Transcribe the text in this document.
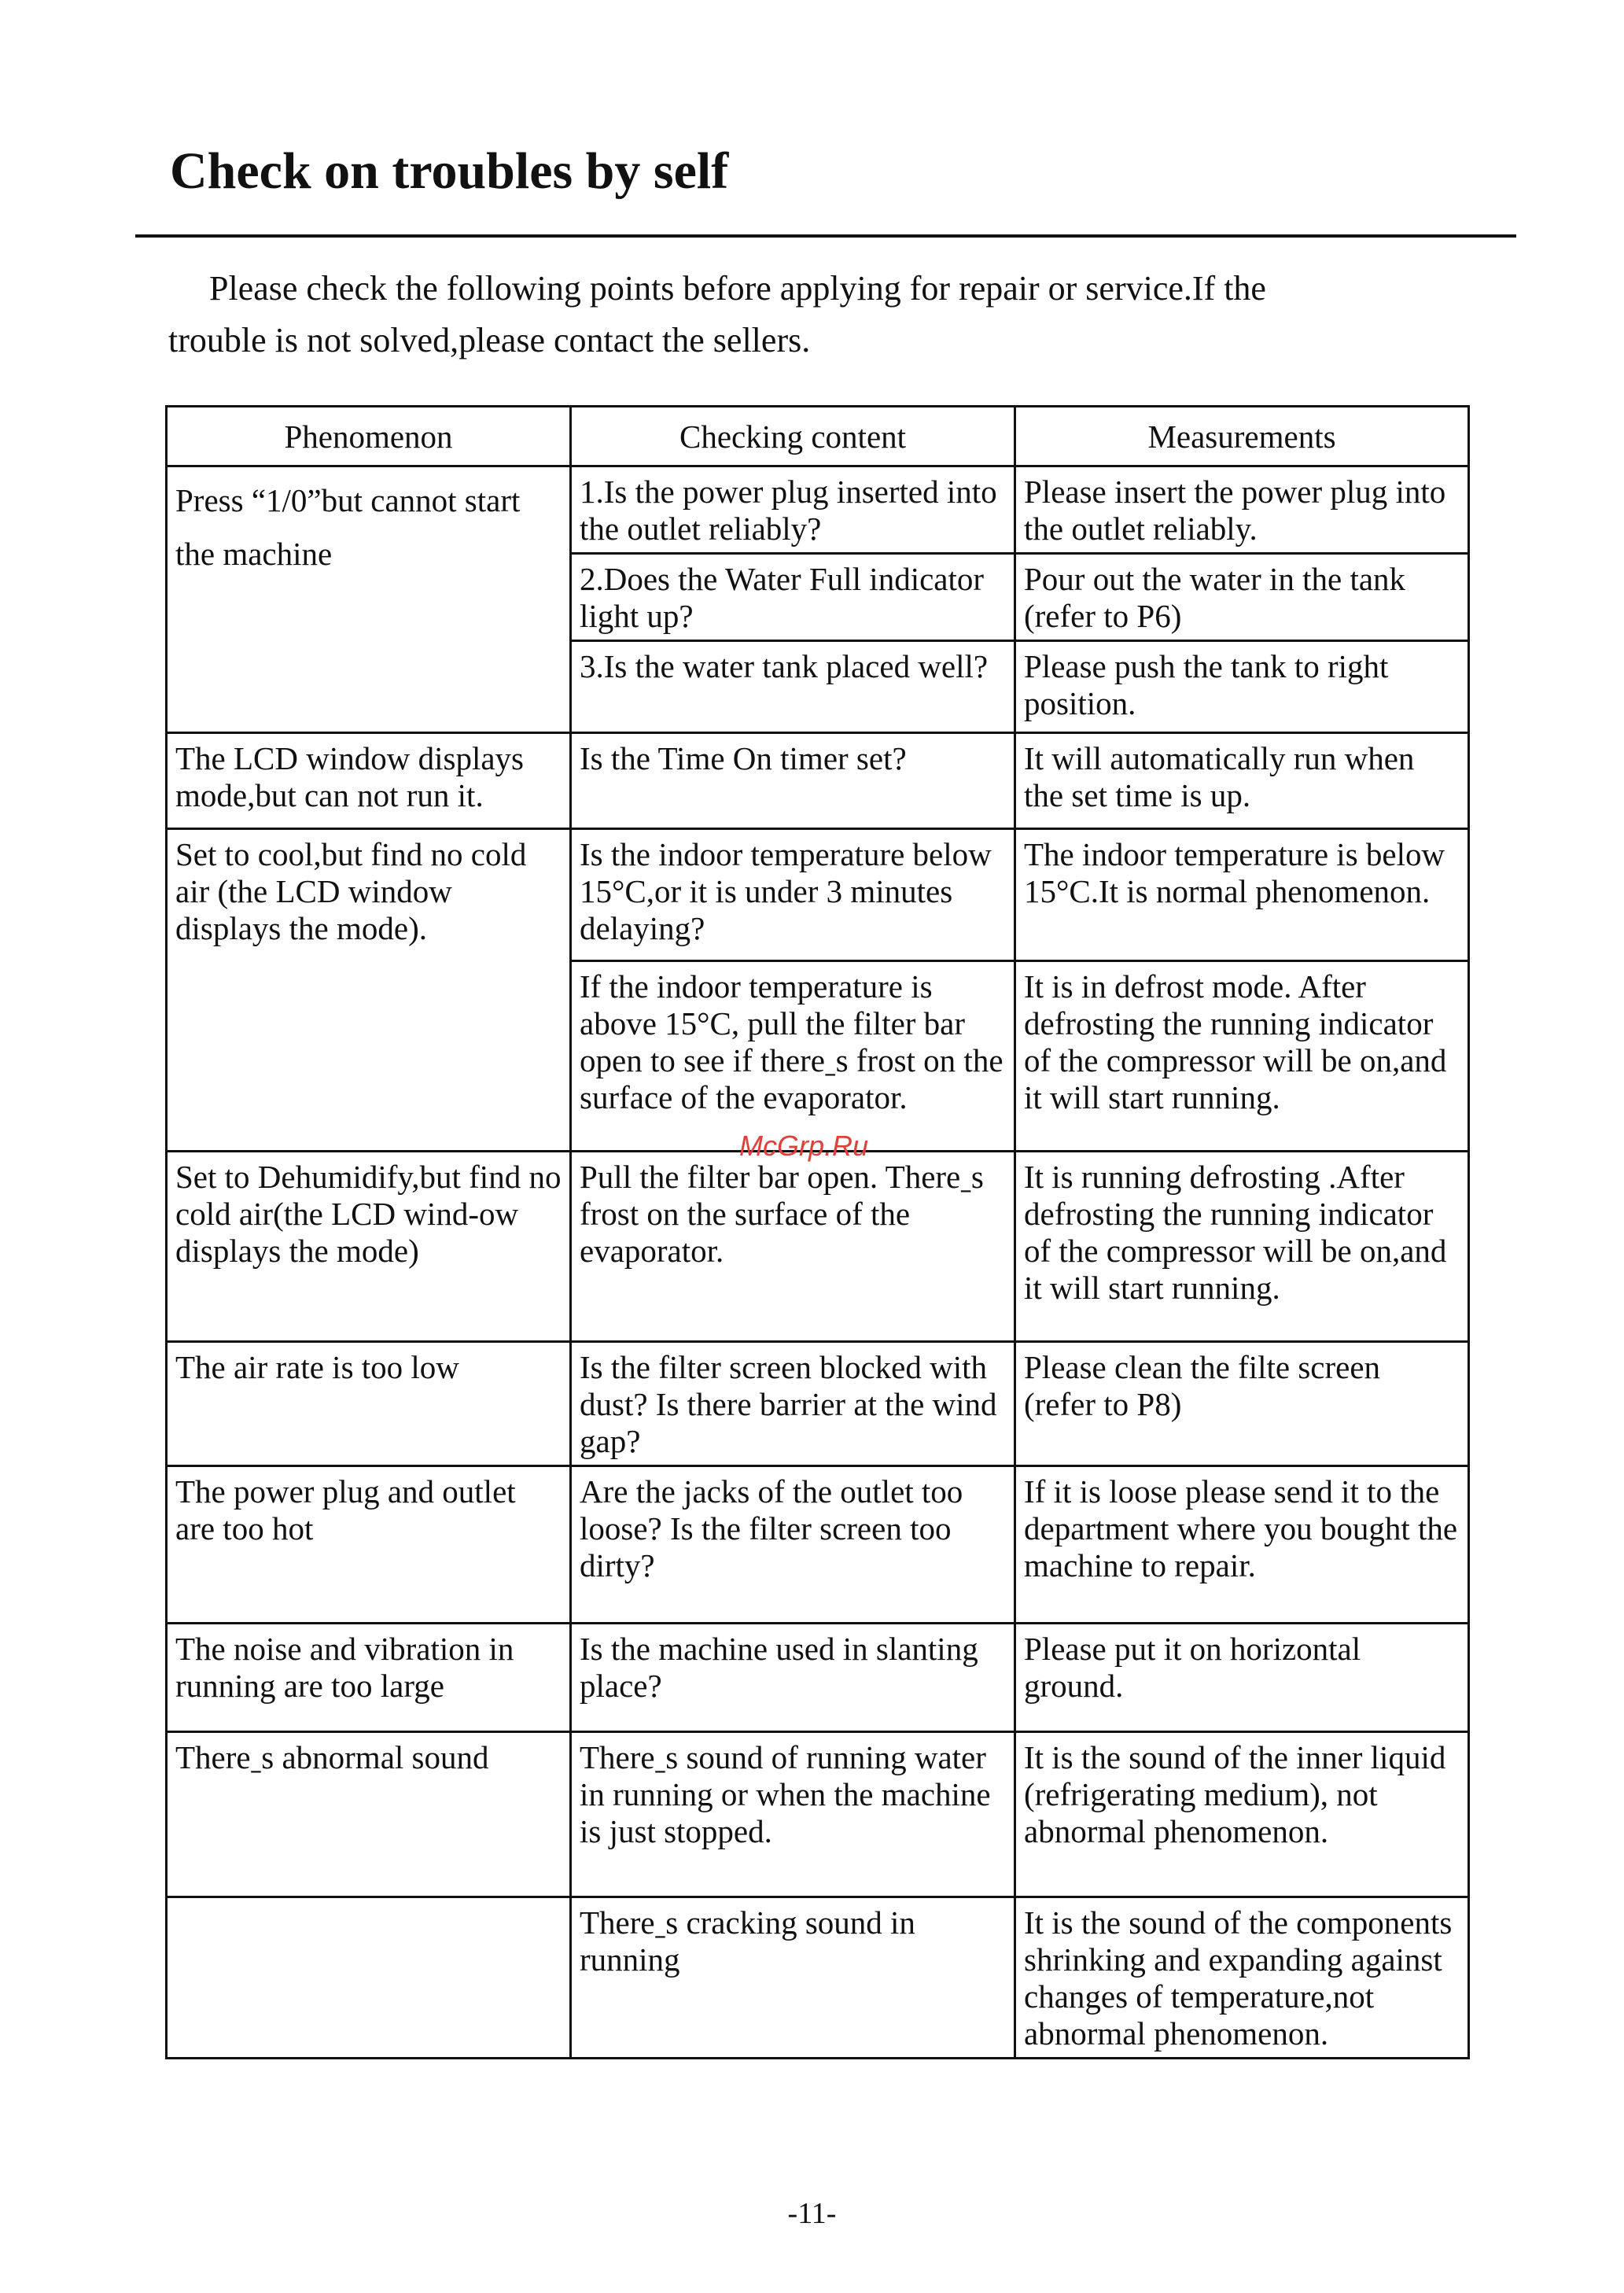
Check on troubles by self

Please check the following points before applying for repair or service.If the
trouble is not solved,please contact the sellers.

Phenomenon	Checking content	Measurements
Press “1/0”but cannot start the machine	1.Is the power plug inserted into the outlet reliably?	Please insert the power plug into the outlet reliably.
	2.Does the Water Full indicator light up?	Pour out the water in the tank (refer to P6)
	3.Is the water tank placed well?	Please push the tank to right position.
The LCD window displays mode,but can not run it.	Is the Time On timer set?	It will automatically run when the set time is up.
Set to cool,but find no cold air (the LCD window displays the mode).	Is the indoor temperature below 15°C,or it is under 3 minutes delaying?	The indoor temperature is below 15°C.It is normal phenomenon.
	If the indoor temperature is above 15°C, pull the filter bar open to see if thereˍs frost on the surface of the evaporator.	It is in defrost mode. After defrosting the running indicator of the compressor will be on,and it will start running.
Set to Dehumidify,but find no cold air(the LCD wind-ow displays the mode)	Pull the filter bar open. Thereˍs frost on the surface of the evaporator.	It is running defrosting .After defrosting the running indicator of the compressor will be on,and it will start running.
The air rate is too low	Is the filter screen blocked with dust? Is there barrier at the wind gap?	Please clean the filte screen (refer to P8)
The power plug and outlet are too hot	Are the jacks of the outlet too loose? Is the filter screen too dirty?	If it is loose please send it to the department where you bought the machine to repair.
The noise and vibration in running are too large	Is the machine used in slanting place?	Please put it on horizontal ground.
Thereˍs abnormal sound	Thereˍs sound of running water in running or when the machine is just stopped.	It is the sound of the inner liquid (refrigerating medium), not abnormal phenomenon.
	Thereˍs cracking sound in running	It is the sound of the components shrinking and expanding against changes of temperature,not abnormal phenomenon.
McGrp.Ru
-11-
